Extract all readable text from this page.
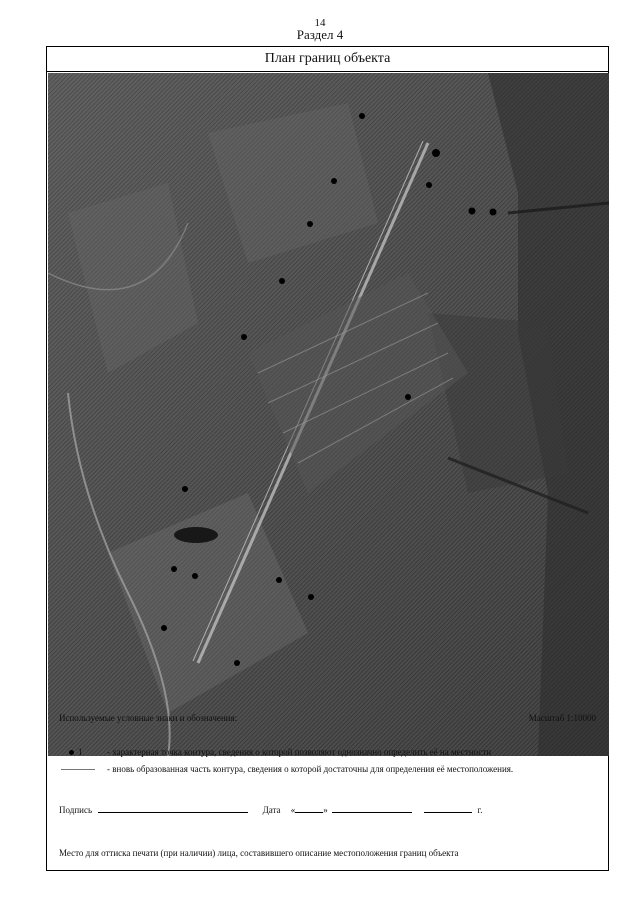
14
Раздел 4
План границ объекта
Используемые условные знаки и обозначения:	Масштаб 1:10000
1	- характерная точка контура, сведения о которой позволяют однозначно определить её на местности
- вновь образованная часть контура, сведения о которой достаточны для определения её местоположения.
Подпись	Дата «	»	г.
Место для оттиска печати (при наличии) лица, составившего описание местоположения границ объекта
